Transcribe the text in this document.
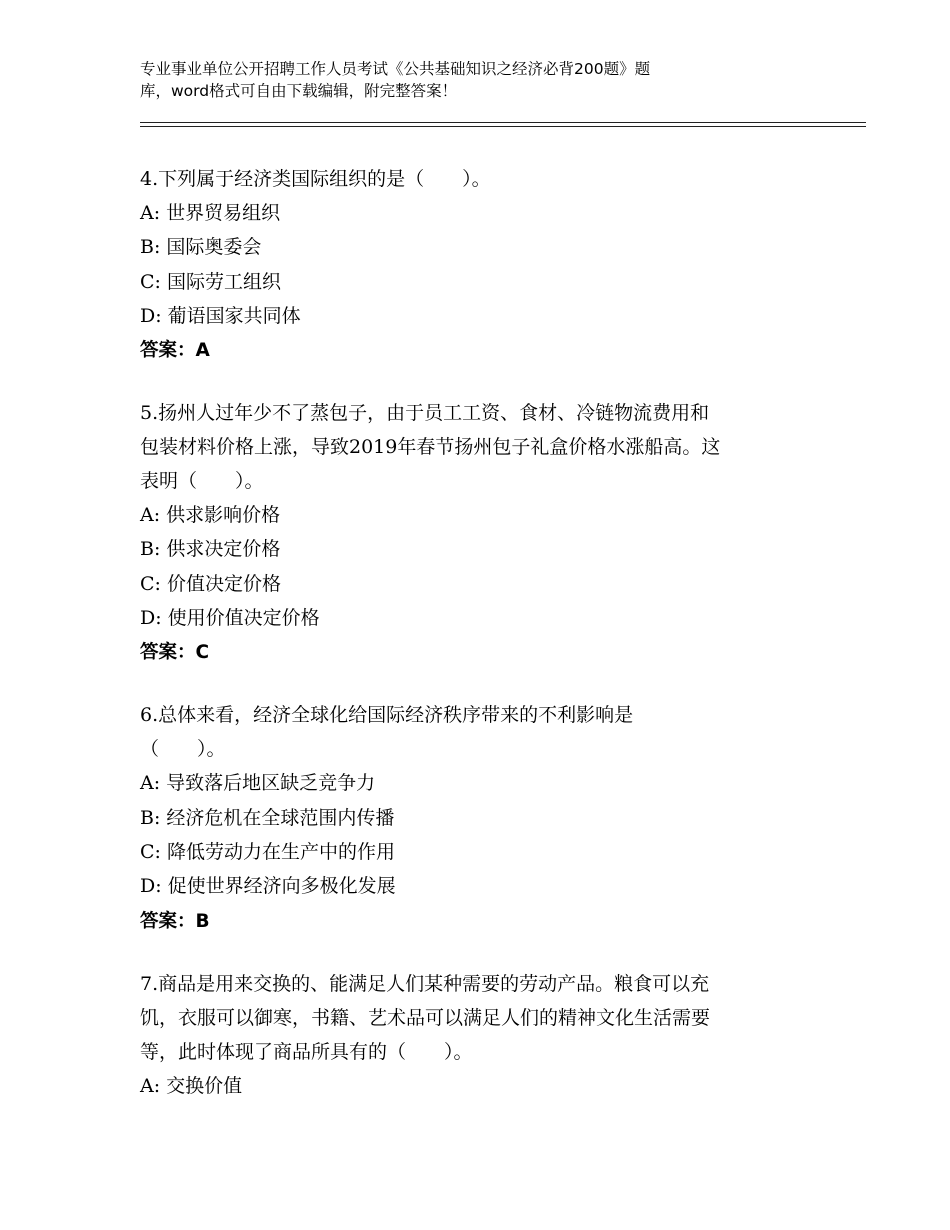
专业事业单位公开招聘工作人员考试《公共基础知识之经济必背200题》题
库，word格式可自由下载编辑，附完整答案！
4.下列属于经济类国际组织的是（　　）。
A: 世界贸易组织
B: 国际奥委会
C: 国际劳工组织
D: 葡语国家共同体
答案：A
5.扬州人过年少不了蒸包子，由于员工工资、食材、冷链物流费用和
包装材料价格上涨，导致2019年春节扬州包子礼盒价格水涨船高。这
表明（　　）。
A: 供求影响价格
B: 供求决定价格
C: 价值决定价格
D: 使用价值决定价格
答案：C
6.总体来看，经济全球化给国际经济秩序带来的不利影响是
（　　）。
A: 导致落后地区缺乏竞争力
B: 经济危机在全球范围内传播
C: 降低劳动力在生产中的作用
D: 促使世界经济向多极化发展
答案：B
7.商品是用来交换的、能满足人们某种需要的劳动产品。粮食可以充
饥，衣服可以御寒，书籍、艺术品可以满足人们的精神文化生活需要
等，此时体现了商品所具有的（　　）。
A: 交换价值
